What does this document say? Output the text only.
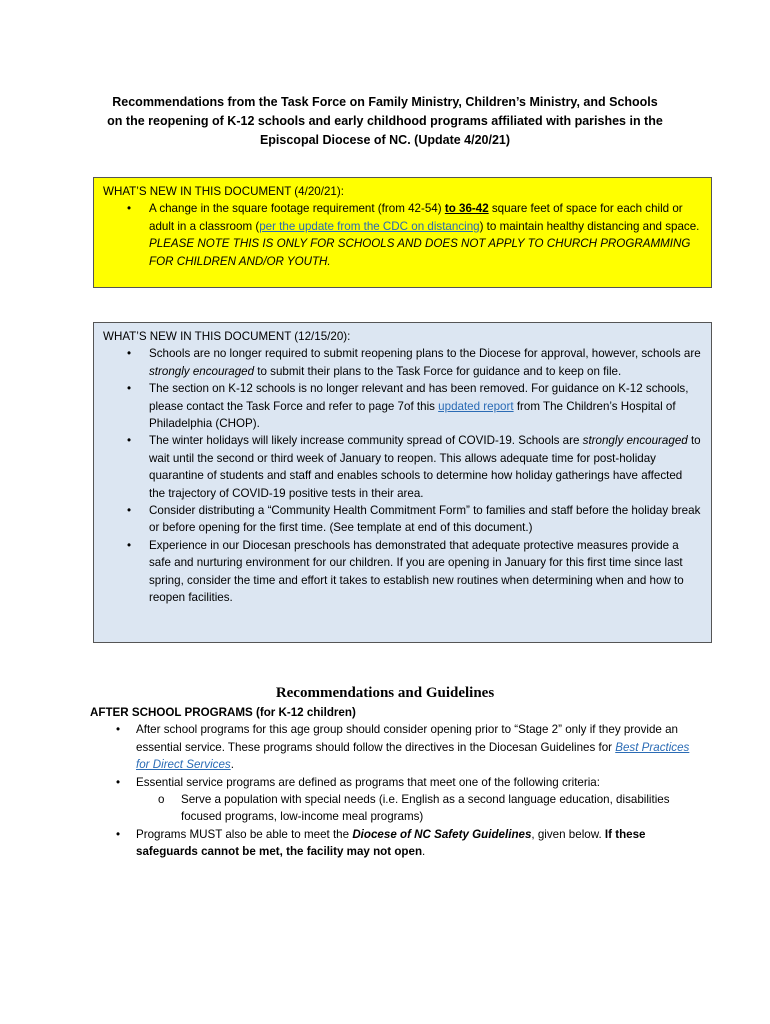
Recommendations from the Task Force on Family Ministry, Children’s Ministry, and Schools
on the reopening of K-12 schools and early childhood programs affiliated with parishes in the
Episcopal Diocese of NC. (Update 4/20/21)
WHAT’S NEW IN THIS DOCUMENT (4/20/21):
• A change in the square footage requirement (from 42-54) to 36-42 square feet of space for each child or adult in a classroom (per the update from the CDC on distancing) to maintain healthy distancing and space. PLEASE NOTE THIS IS ONLY FOR SCHOOLS AND DOES NOT APPLY TO CHURCH PROGRAMMING FOR CHILDREN AND/OR YOUTH.
WHAT’S NEW IN THIS DOCUMENT (12/15/20):
• Schools are no longer required to submit reopening plans to the Diocese for approval, however, schools are strongly encouraged to submit their plans to the Task Force for guidance and to keep on file.
• The section on K-12 schools is no longer relevant and has been removed. For guidance on K-12 schools, please contact the Task Force and refer to page 7of this updated report from The Children’s Hospital of Philadelphia (CHOP).
• The winter holidays will likely increase community spread of COVID-19. Schools are strongly encouraged to wait until the second or third week of January to reopen. This allows adequate time for post-holiday quarantine of students and staff and enables schools to determine how holiday gatherings have affected the trajectory of COVID-19 positive tests in their area.
• Consider distributing a “Community Health Commitment Form” to families and staff before the holiday break or before opening for the first time. (See template at end of this document.)
• Experience in our Diocesan preschools has demonstrated that adequate protective measures provide a safe and nurturing environment for our children. If you are opening in January for this first time since last spring, consider the time and effort it takes to establish new routines when determining when and how to reopen facilities.
Recommendations and Guidelines
AFTER SCHOOL PROGRAMS (for K-12 children)
• After school programs for this age group should consider opening prior to “Stage 2” only if they provide an essential service. These programs should follow the directives in the Diocesan Guidelines for Best Practices for Direct Services.
• Essential service programs are defined as programs that meet one of the following criteria:
o Serve a population with special needs (i.e. English as a second language education, disabilities focused programs, low-income meal programs)
• Programs MUST also be able to meet the Diocese of NC Safety Guidelines, given below. If these safeguards cannot be met, the facility may not open.
